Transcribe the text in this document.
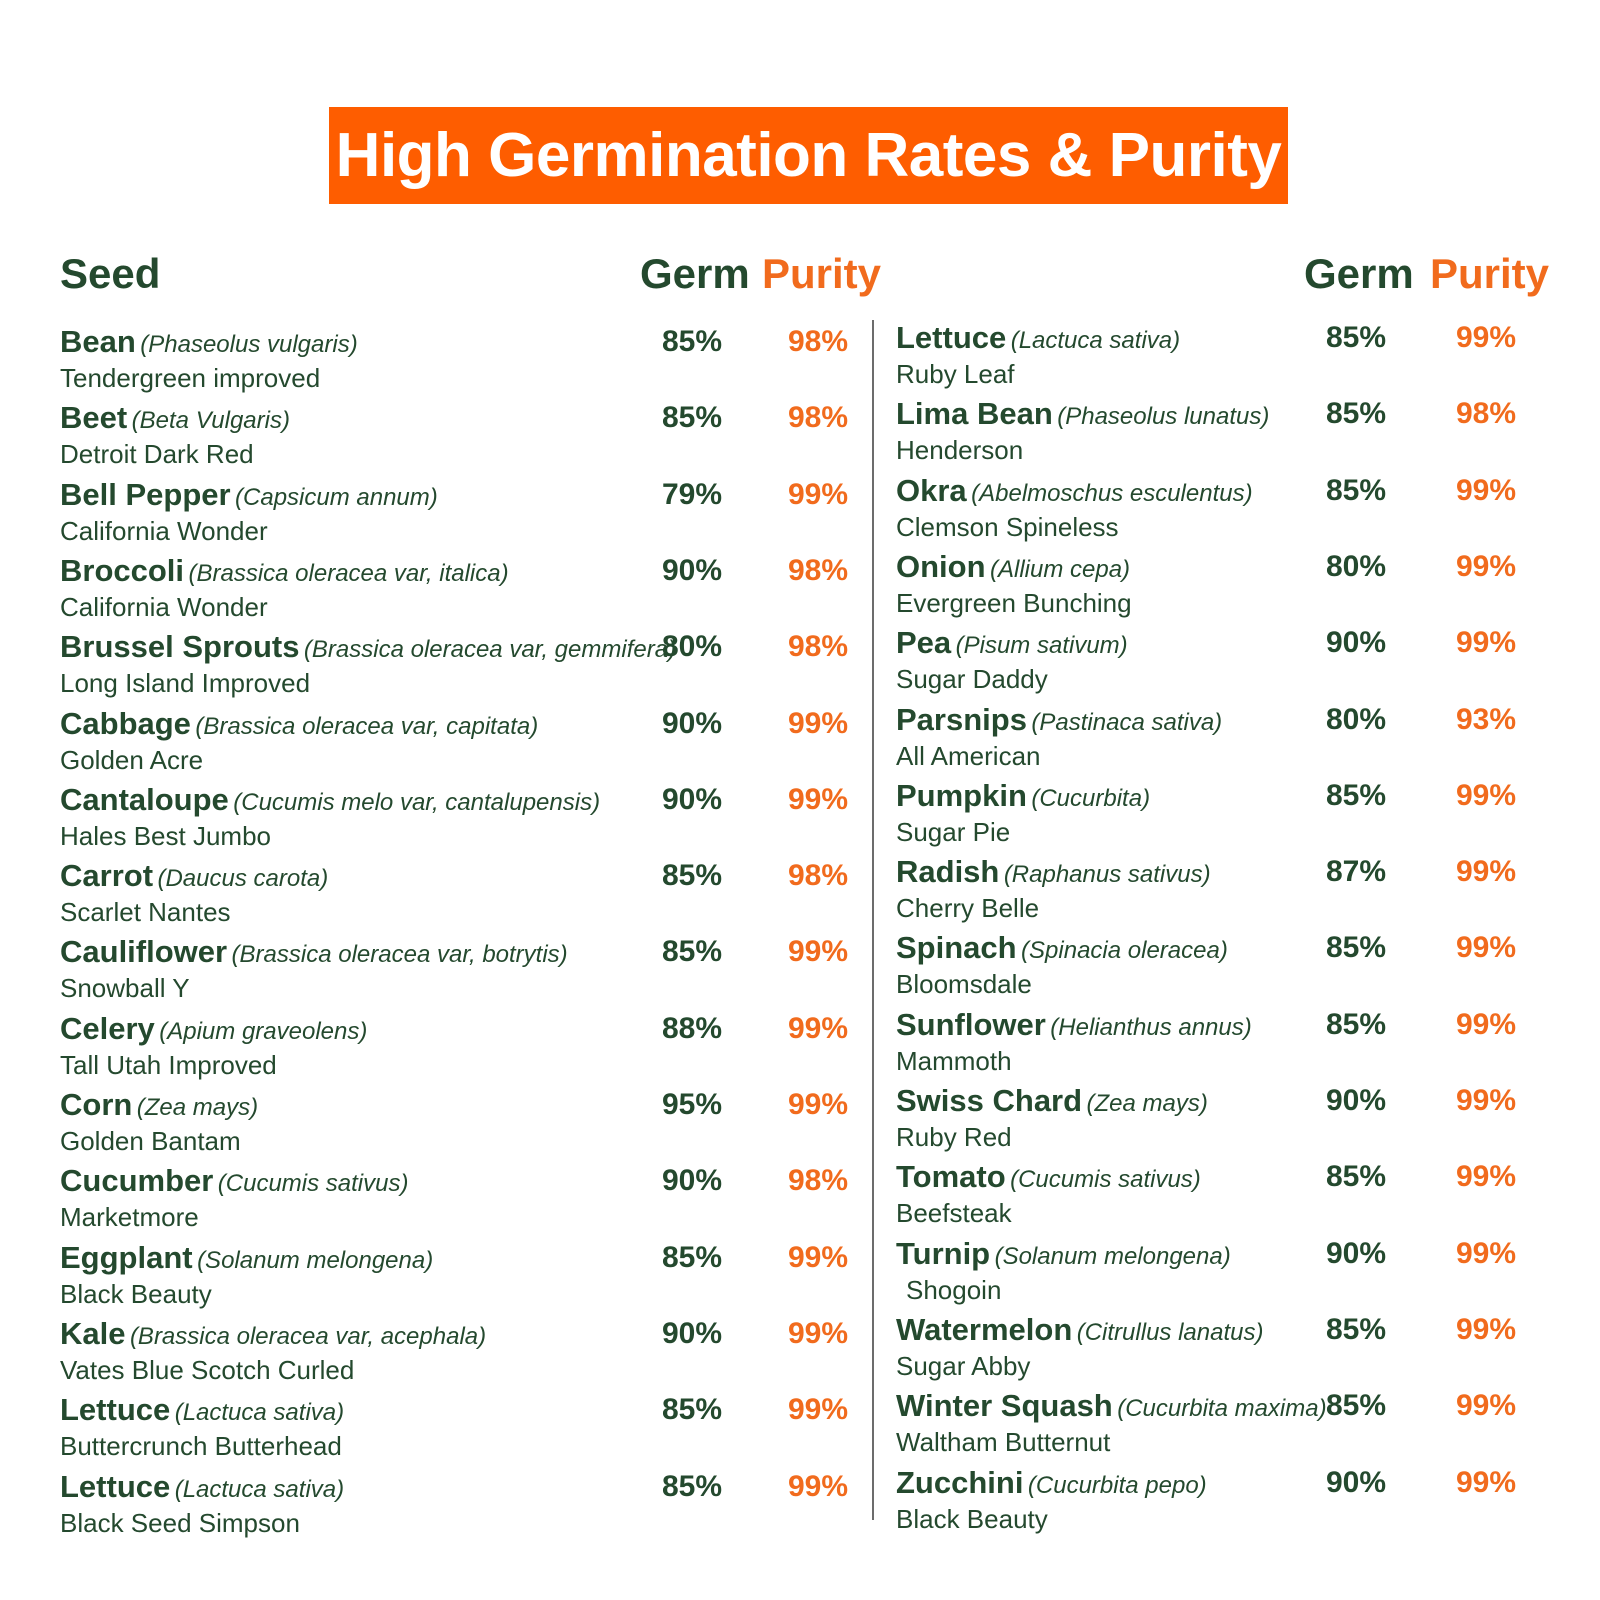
High Germination Rates & Purity
Seed	Germ Purity	Germ Purity
Bean (Phaseolus vulgaris)
Tendergreen improved
85% 98%
Beet (Beta Vulgaris)
Detroit Dark Red
85% 98%
Bell Pepper (Capsicum annum)
California Wonder
79% 99%
Broccoli (Brassica oleracea var, italica)
California Wonder
90% 98%
Brussel Sprouts (Brassica oleracea var, gemmifera)
Long Island Improved
80% 98%
Cabbage (Brassica oleracea var, capitata)
Golden Acre
90% 99%
Cantaloupe (Cucumis melo var, cantalupensis)
Hales Best Jumbo
90% 99%
Carrot (Daucus carota)
Scarlet Nantes
85% 98%
Cauliflower (Brassica oleracea var, botrytis)
Snowball Y
85% 99%
Celery (Apium graveolens)
Tall Utah Improved
88% 99%
Corn (Zea mays)
Golden Bantam
95% 99%
Cucumber (Cucumis sativus)
Marketmore
90% 98%
Eggplant (Solanum melongena)
Black Beauty
85% 99%
Kale (Brassica oleracea var, acephala)
Vates Blue Scotch Curled
90% 99%
Lettuce (Lactuca sativa)
Buttercrunch Butterhead
85% 99%
Lettuce (Lactuca sativa)
Black Seed Simpson
85% 99%
Lettuce (Lactuca sativa)
Ruby Leaf
85% 99%
Lima Bean (Phaseolus lunatus)
Henderson
85% 98%
Okra (Abelmoschus esculentus)
Clemson Spineless
85% 99%
Onion (Allium cepa)
Evergreen Bunching
80% 99%
Pea (Pisum sativum)
Sugar Daddy
90% 99%
Parsnips (Pastinaca sativa)
All American
80% 93%
Pumpkin (Cucurbita)
Sugar Pie
85% 99%
Radish (Raphanus sativus)
Cherry Belle
87% 99%
Spinach (Spinacia oleracea)
Bloomsdale
85% 99%
Sunflower (Helianthus annus)
Mammoth
85% 99%
Swiss Chard (Zea mays)
Ruby Red
90% 99%
Tomato (Cucumis sativus)
Beefsteak
85% 99%
Turnip (Solanum melongena)
Shogoin
90% 99%
Watermelon (Citrullus lanatus)
Sugar Abby
85% 99%
Winter Squash (Cucurbita maxima)
Waltham Butternut
85% 99%
Zucchini (Cucurbita pepo)
Black Beauty
90% 99%
